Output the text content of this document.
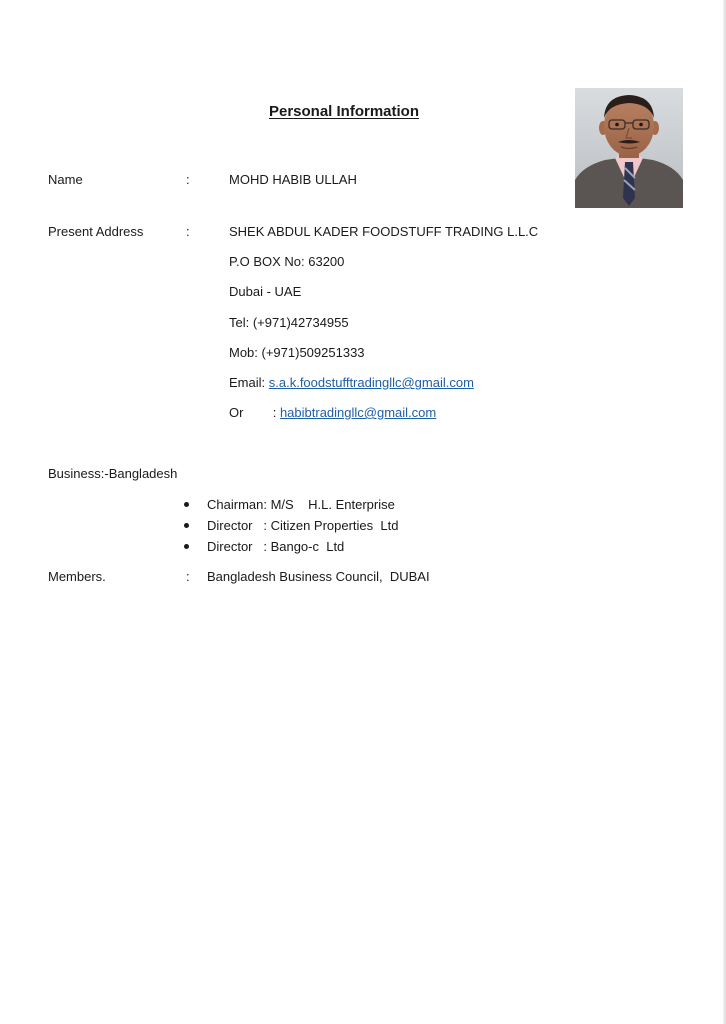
Personal Information
Name	:	MOHD HABIB ULLAH
Present Address	:	SHEK ABDUL KADER FOODSTUFF TRADING L.L.C
P.O BOX No: 63200
Dubai - UAE
Tel: (+971)42734955
Mob: (+971)509251333
Email: s.a.k.foodstufftradingllc@gmail.com
Or : habibtradingllc@gmail.com
Business:-Bangladesh
Chairman: M/S    H.L. Enterprise
Director   : Citizen Properties  Ltd
Director   : Bango-c  Ltd
Members.	: Bangladesh Business Council,  DUBAI
